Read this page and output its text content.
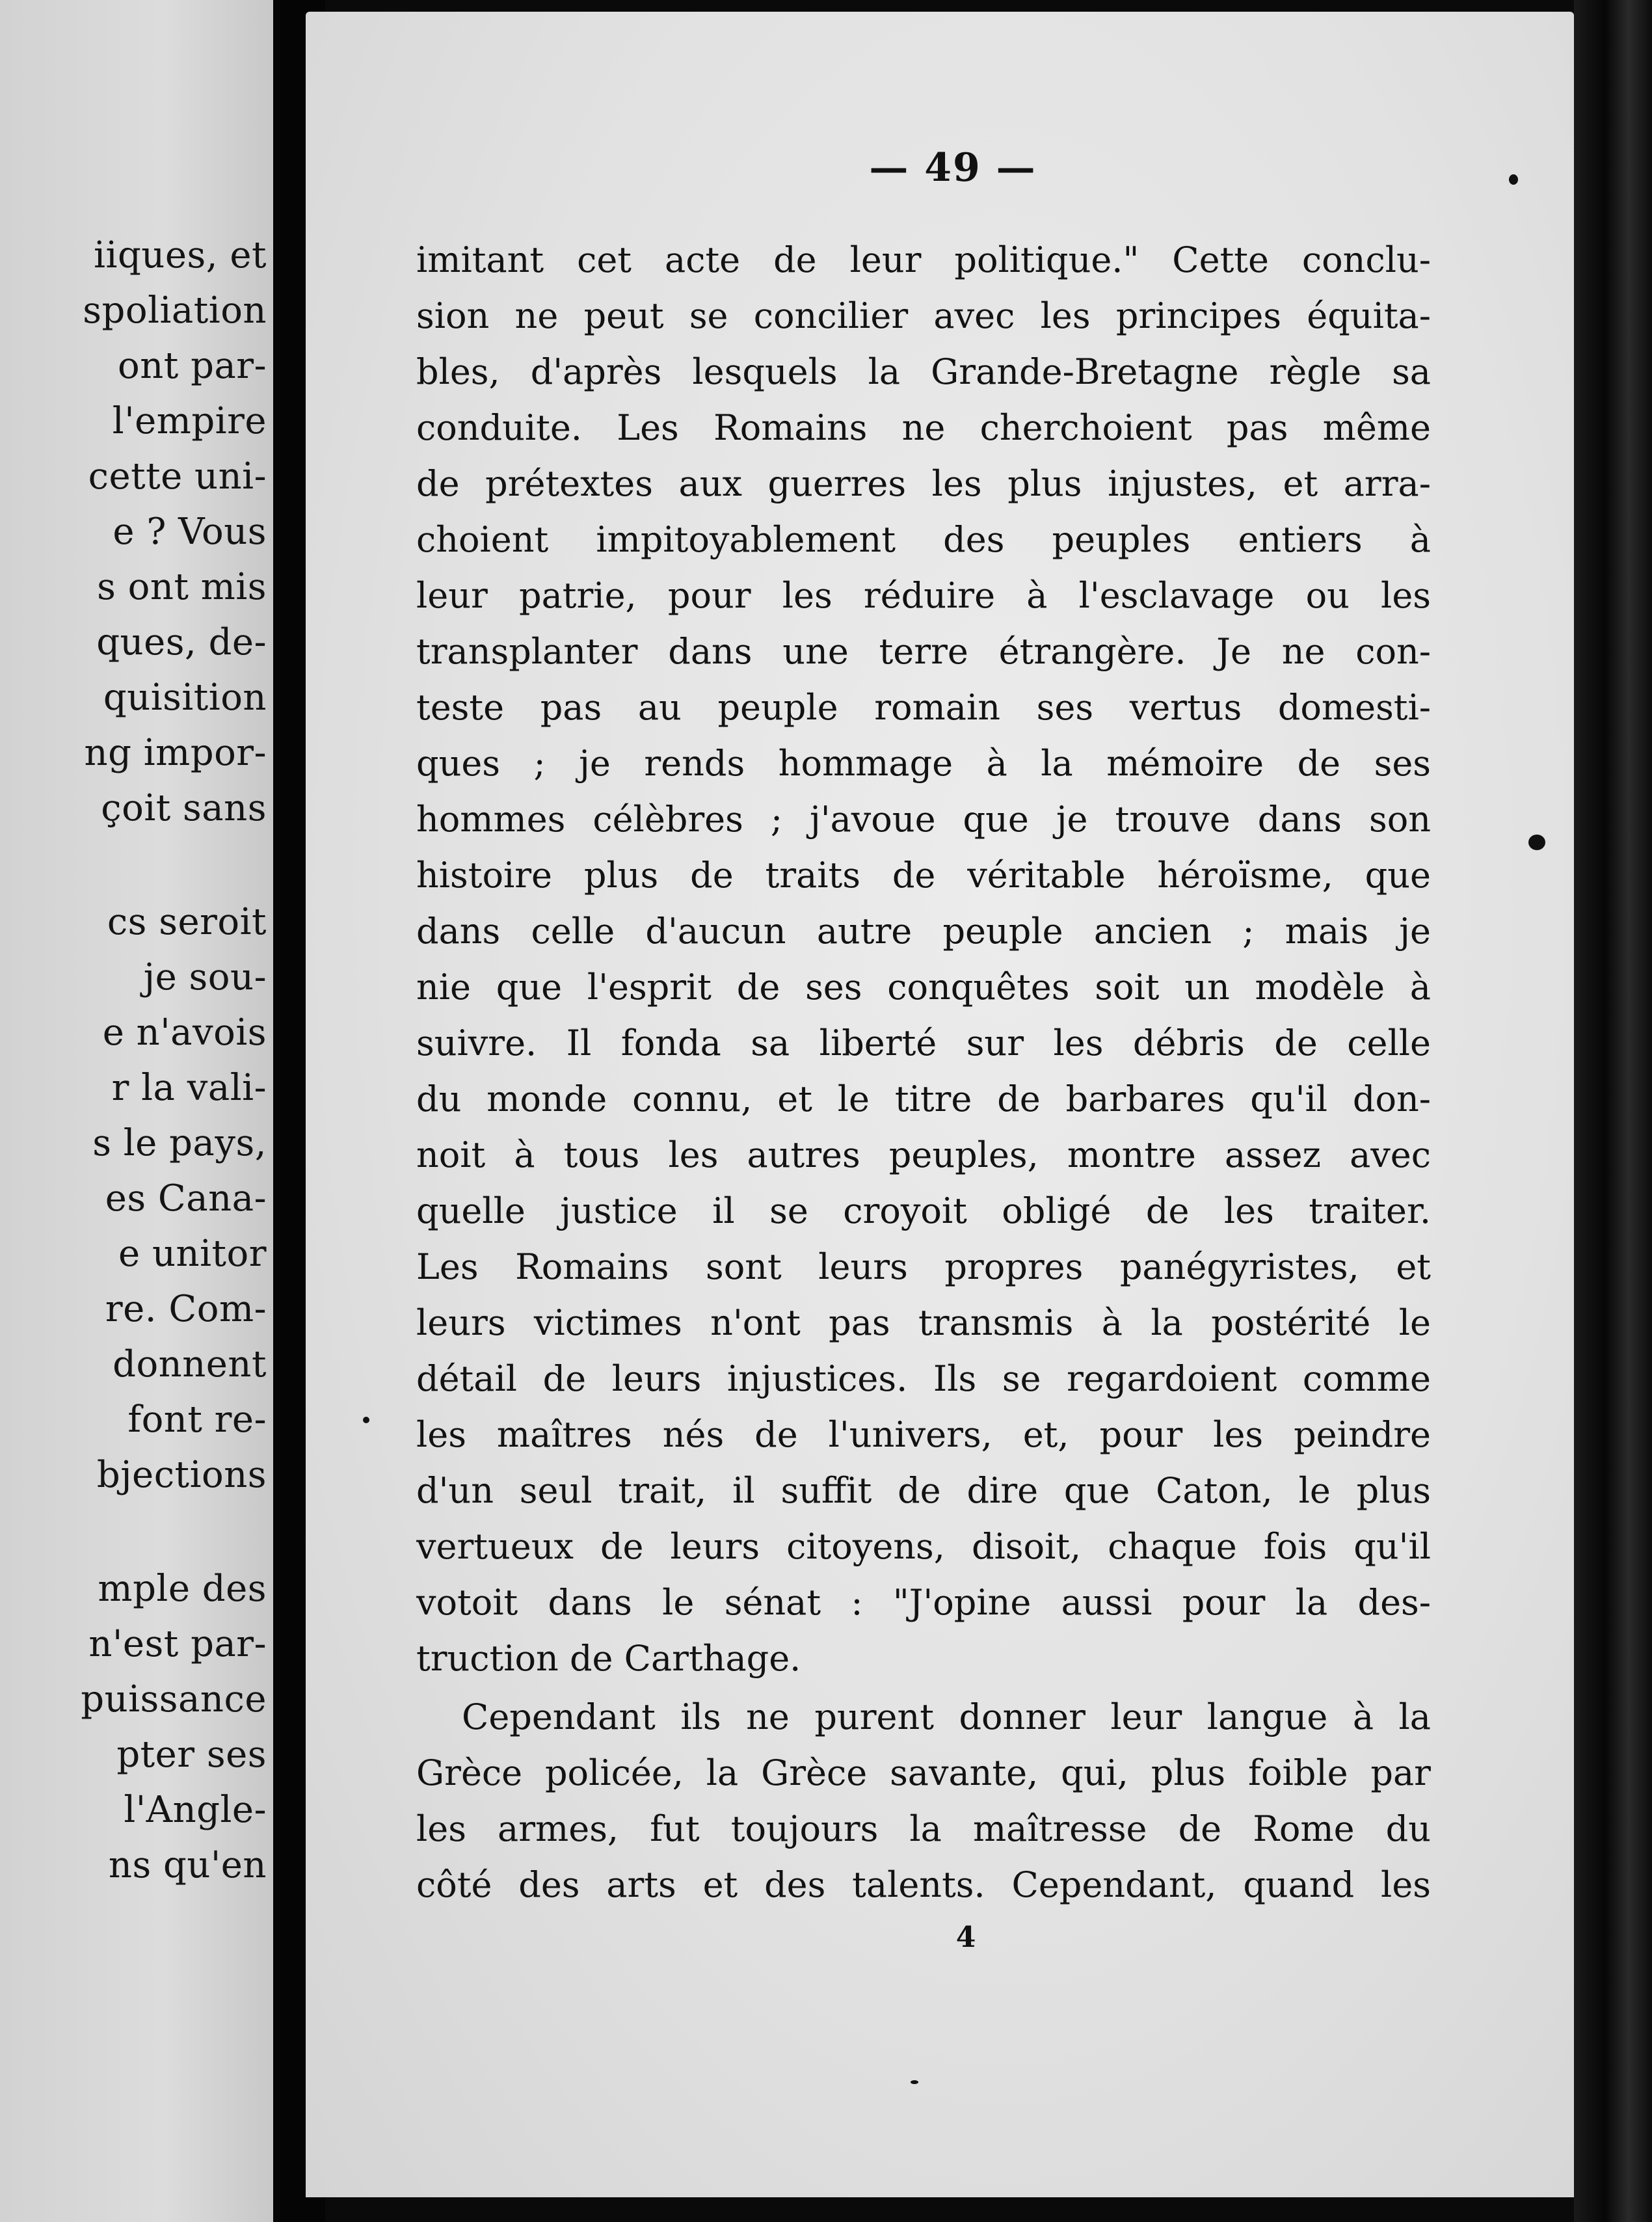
iiques, et
spoliation
ont par-
l'empire
cette uni-
e ? Vous
s ont mis
ques, de-
quisition
ng impor-
çoit sans
cs seroit
je sou-
e n'avois
r la vali-
s le pays,
es Cana-
e unitor
re. Com-
donnent
font re-
bjections
mple des
n'est par-
puissance
pter ses
l'Angle-
ns qu'en
— 49 —
imitant cet acte de leur politique." Cette conclu-
sion ne peut se concilier avec les principes équita-
bles, d'après lesquels la Grande-Bretagne règle sa
conduite. Les Romains ne cherchoient pas même
de prétextes aux guerres les plus injustes, et arra-
choient impitoyablement des peuples entiers à
leur patrie, pour les réduire à l'esclavage ou les
transplanter dans une terre étrangère. Je ne con-
teste pas au peuple romain ses vertus domesti-
ques ; je rends hommage à la mémoire de ses
hommes célèbres ; j'avoue que je trouve dans son
histoire plus de traits de véritable héroïsme, que
dans celle d'aucun autre peuple ancien ; mais je
nie que l'esprit de ses conquêtes soit un modèle à
suivre. Il fonda sa liberté sur les débris de celle
du monde connu, et le titre de barbares qu'il don-
noit à tous les autres peuples, montre assez avec
quelle justice il se croyoit obligé de les traiter.
Les Romains sont leurs propres panégyristes, et
leurs victimes n'ont pas transmis à la postérité le
détail de leurs injustices. Ils se regardoient comme
les maîtres nés de l'univers, et, pour les peindre
d'un seul trait, il suffit de dire que Caton, le plus
vertueux de leurs citoyens, disoit, chaque fois qu'il
votoit dans le sénat : "J'opine aussi pour la des-
truction de Carthage.
Cependant ils ne purent donner leur langue à la
Grèce policée, la Grèce savante, qui, plus foible par
les armes, fut toujours la maîtresse de Rome du
côté des arts et des talents. Cependant, quand les
4
